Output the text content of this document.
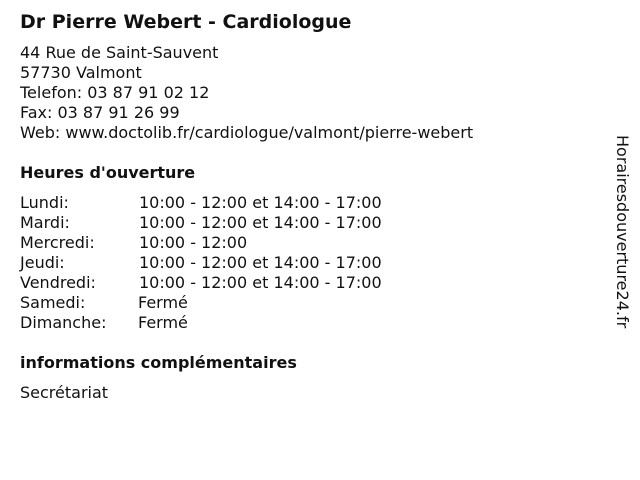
Dr Pierre Webert - Cardiologue
44 Rue de Saint-Sauvent
57730 Valmont
Telefon: 03 87 91 02 12
Fax: 03 87 91 26 99
Web: www.doctolib.fr/cardiologue/valmont/pierre-webert
Heures d'ouverture
Lundi:	10:00 - 12:00 et 14:00 - 17:00
Mardi:	10:00 - 12:00 et 14:00 - 17:00
Mercredi:	10:00 - 12:00
Jeudi:	10:00 - 12:00 et 14:00 - 17:00
Vendredi:	10:00 - 12:00 et 14:00 - 17:00
Samedi:	Fermé
Dimanche: Fermé
informations complémentaires
Secrétariat
Horairesdouverture24.fr
